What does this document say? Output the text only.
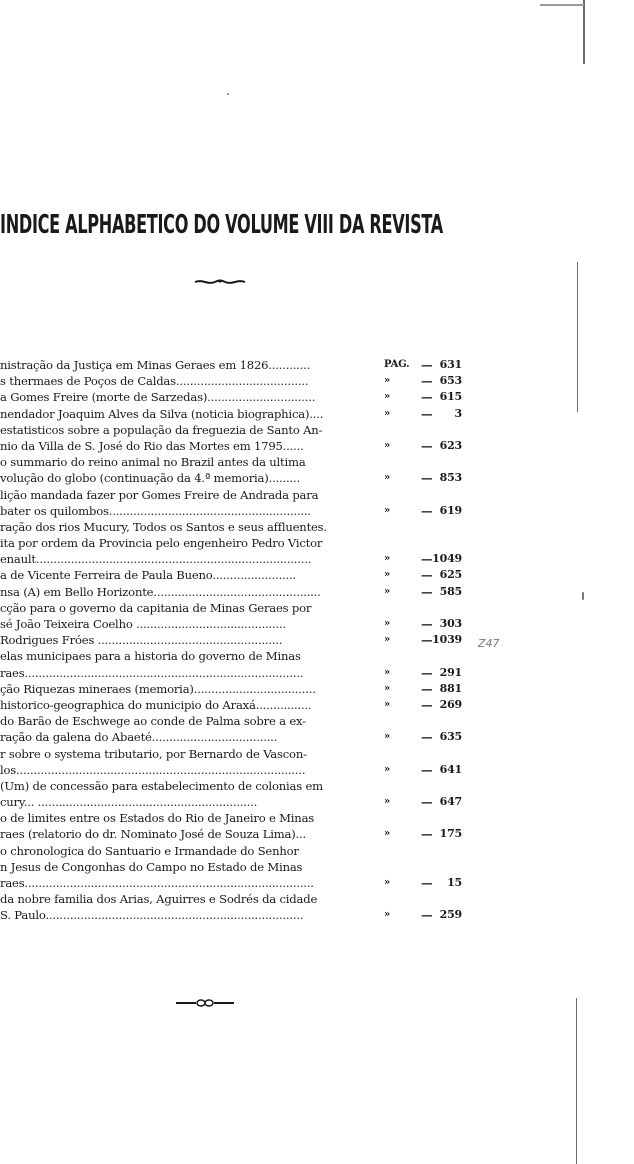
INDICE ALPHABETICO DO VOLUME VIII DA REVISTA
nistração da Justiça em Minas Geraes em 1826............	PAG. — 631
s thermaes de Poços de Caldas......................................	»	— 653
a Gomes Freire (morte de Sarzedas)...............................	»	— 615
nendador Joaquim Alves da Silva (noticia biographica)....	»	— 3
estatisticos sobre a população da freguezia de Santo An-
nio da Villa de S. José do Rio das Mortes em 1795......	»	— 623
o summario do reino animal no Brazil antes da ultima
volução do globo (continuação da 4.ª memoria).........	»	— 853
lição mandada fazer por Gomes Freire de Andrada para
bater os quilombos..........................................................	»	— 619
ração dos rios Mucury, Todos os Santos e seus affluentes.
ita por ordem da Provincia pelo engenheiro Pedro Victor
enault...............................................................................	»	— 1049
a de Vicente Ferreira de Paula Bueno........................	»	— 625
nsa (A) em Bello Horizonte................................................	»	— 585
cção para o governo da capitania de Minas Geraes por
sé João Teixeira Coelho ...........................................	»	— 303
Rodrigues Fróes .....................................................	»	— 1039
elas municipaes para a historia do governo de Minas
raes................................................................................	»	— 291
ção Riquezas mineraes (memoria)...................................	»	— 881
historico-geographica do municipio do Araxá................	»	— 269
do Barão de Eschwege ao conde de Palma sobre a ex-
ração da galena do Abaeté....................................	»	— 635
r sobre o systema tributario, por Bernardo de Vascon-
los...................................................................................	»	— 641
(Um) de concessão para estabelecimento de colonias em
cury... ...............................................................	»	— 647
o de limites entre os Estados do Rio de Janeiro e Minas
raes (relatorio do dr. Nominato José de Souza Lima)...	»	— 175
o chronologica do Santuario e Irmandade do Senhor
n Jesus de Congonhas do Campo no Estado de Minas
raes...................................................................................	»	— 15
da nobre familia dos Arias, Aguirres e Sodrés da cidade
S. Paulo..........................................................................	»	— 259
Z47
